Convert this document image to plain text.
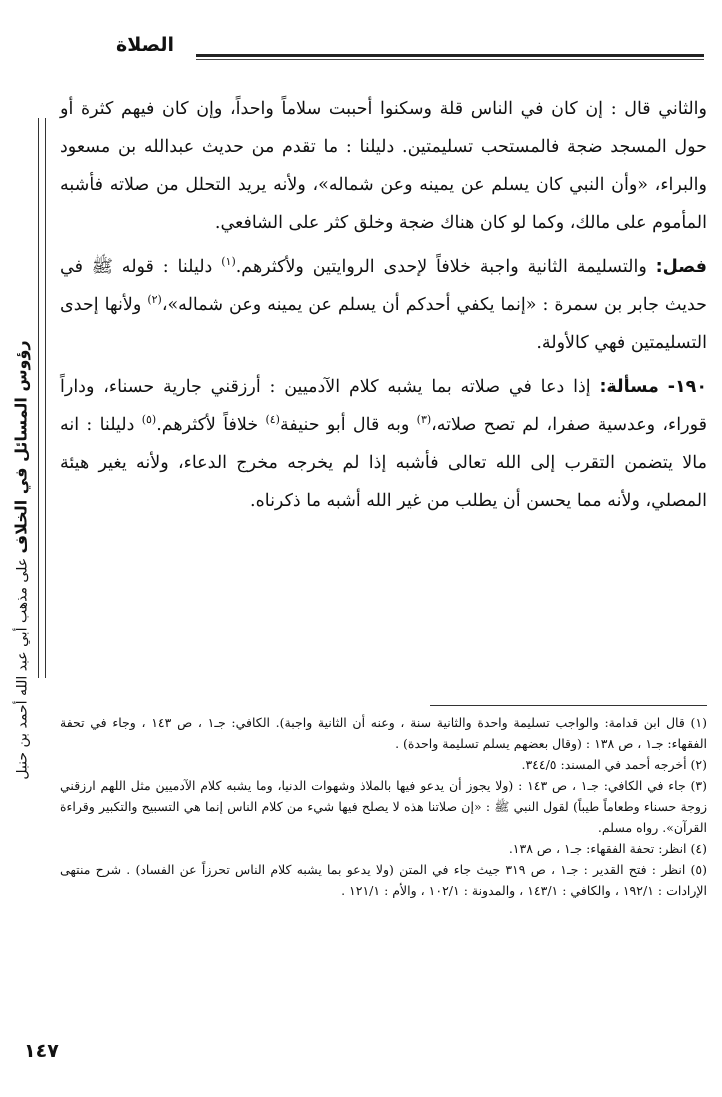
الصلاة
رؤوس المسائل في الخلاف على مذهب أبي عبد الله أحمد بن حنبل

والثاني قال : إن كان في الناس قلة وسكنوا أحببت سلاماً واحداً، وإن كان فيهم كثرة أو حول المسجد ضجة فالمستحب تسليمتين. دليلنا : ما تقدم من حديث عبدالله بن مسعود والبراء، «وأن النبي كان يسلم عن يمينه وعن شماله»، ولأنه يريد التحلل من صلاته فأشبه المأموم على مالك، وكما لو كان هناك ضجة وخلق كثر على الشافعي.

فصل: والتسليمة الثانية واجبة خلافاً لإحدى الروايتين ولأكثرهم.$^{(١)}$ دليلنا : قوله ﷺ في حديث جابر بن سمرة : «إنما يكفي أحدكم أن يسلم عن يمينه وعن شماله»،$^{(٢)}$ ولأنها إحدى التسليمتين فهي كالأولة.

١٩٠- مسألة: إذا دعا في صلاته بما يشبه كلام الآدميين : أرزقني جارية حسناء، وداراً قوراء، وعدسية صفرا، لم تصح صلاته،$^{(٣)}$ وبه قال أبو حنيفة$^{(٤)}$ خلافاً لأكثرهم.$^{(٥)}$ دليلنا : انه مالا يتضمن التقرب إلى الله تعالى فأشبه إذا لم يخرجه مخرج الدعاء، ولأنه يغير هيئة المصلي، ولأنه مما يحسن أن يطلب من غير الله أشبه ما ذكرناه.

(١) قال ابن قدامة: والواجب تسليمة واحدة والثانية سنة ، وعنه أن الثانية واجبة). الكافي: جـ١ ، ص ١٤٣ ، وجاء في تحفة الفقهاء: جـ١ ، ص ١٣٨ : (وقال بعضهم يسلم تسليمة واحدة) .

(٢) أخرجه أحمد في المسند: ٣٤٤/٥.

(٣) جاء في الكافي: جـ١ ، ص ١٤٣ : (ولا يجوز أن يدعو فيها بالملاذ وشهوات الدنيا، وما يشبه كلام الآدميين مثل اللهم ارزقني زوجة حسناء وطعاماً طيباً) لقول النبي ﷺ : «إن صلاتنا هذه لا يصلح فيها شيء من كلام الناس إنما هي التسبيح والتكبير وقراءة القرآن». رواه مسلم.

(٤) انظر: تحفة الفقهاء: جـ١ ، ص ١٣٨.

(٥) انظر : فتح القدير : جـ١ ، ص ٣١٩ جيث جاء في المتن (ولا يدعو بما يشبه كلام الناس تحرزاً عن الفساد) . شرح منتهى الإرادات : ١٩٢/١ ، والكافي : ١٤٣/١ ، والمدونة : ١٠٢/١ ، والأم : ١٢١/١ .

١٤٧
